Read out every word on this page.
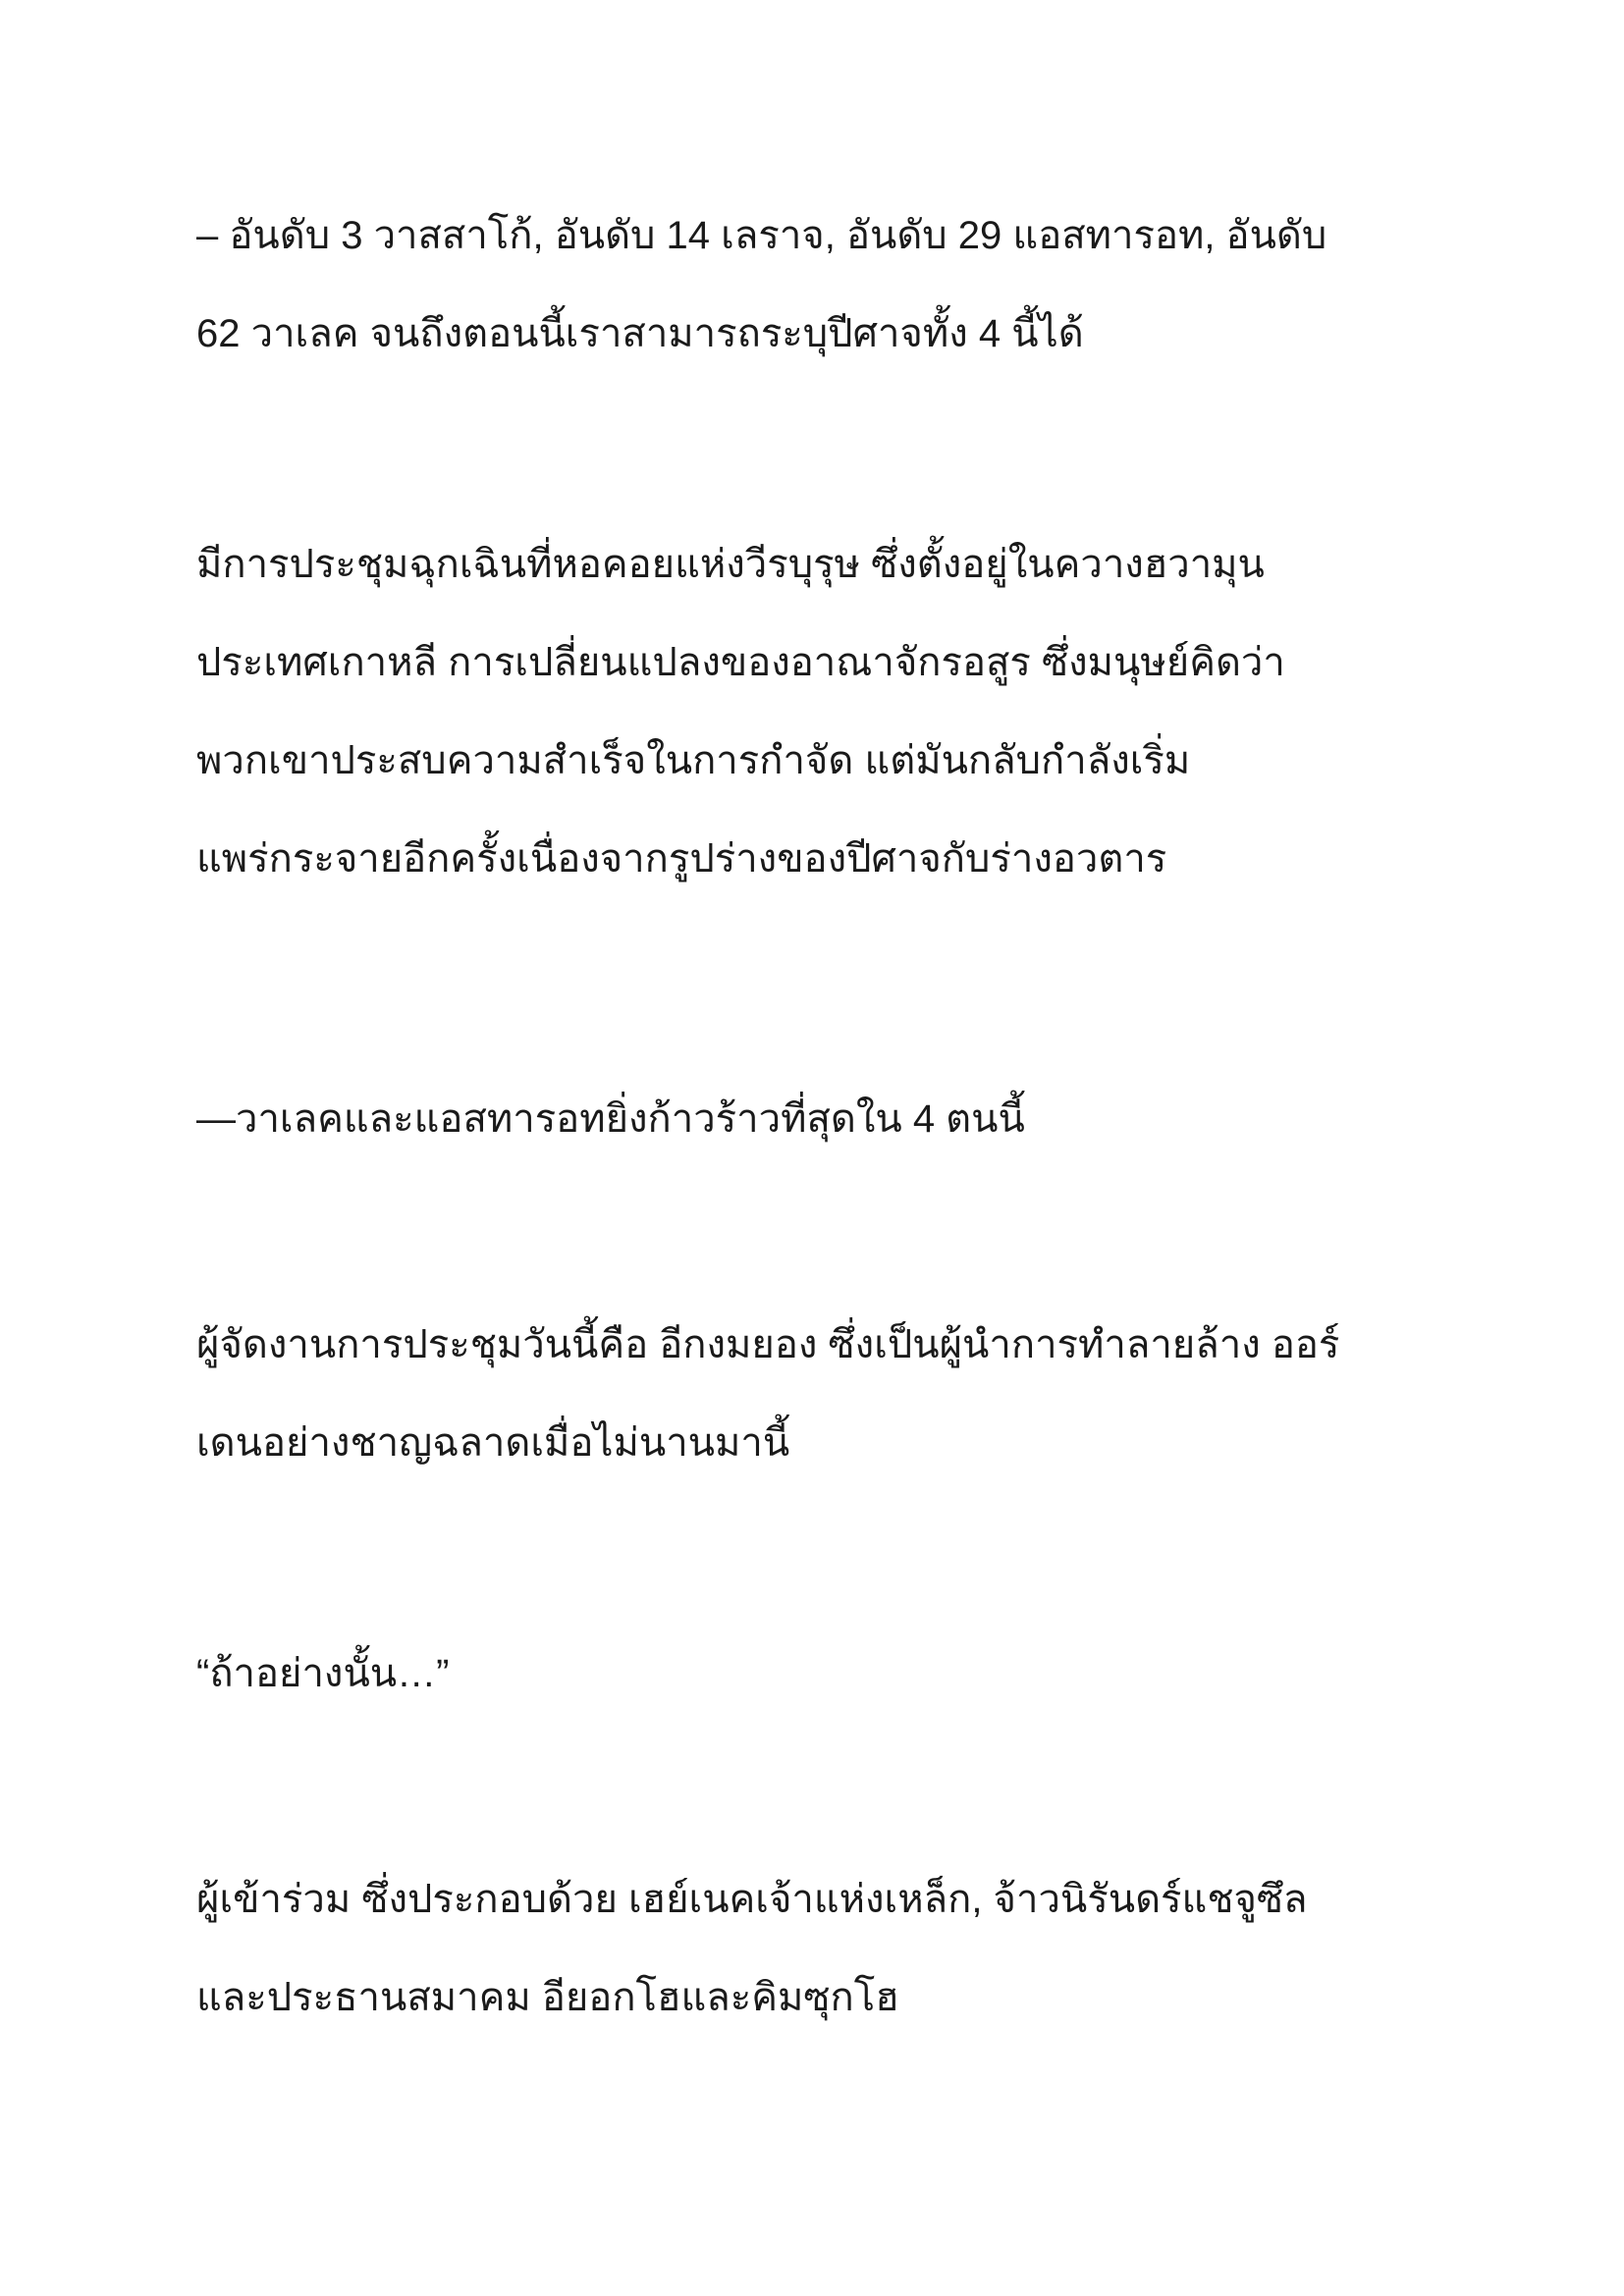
– อันดับ 3 วาสสาโก้, อันดับ 14 เลราจ, อันดับ 29 แอสทารอท, อันดับ
62 วาเลค จนถึงตอนนี้เราสามารถระบุปีศาจทั้ง 4 นี้ได้

มีการประชุมฉุกเฉินที่หอคอยแห่งวีรบุรุษ ซึ่งตั้งอยู่ในควางฮวามุน
ประเทศเกาหลี การเปลี่ยนแปลงของอาณาจักรอสูร ซึ่งมนุษย์คิดว่า
พวกเขาประสบความสำเร็จในการกำจัด แต่มันกลับกำลังเริ่ม
แพร่กระจายอีกครั้งเนื่องจากรูปร่างของปีศาจกับร่างอวตาร

—วาเลคและแอสทารอทยิ่งก้าวร้าวที่สุดใน 4 ตนนี้

ผู้จัดงานการประชุมวันนี้คือ อีกงมยอง ซึ่งเป็นผู้นำการทำลายล้าง ออร์
เดนอย่างชาญฉลาดเมื่อไม่นานมานี้

“ถ้าอย่างนั้น…”

ผู้เข้าร่วม ซึ่งประกอบด้วย เฮย์เนคเจ้าแห่งเหล็ก, จ้าวนิรันดร์แชจูซึล
และประธานสมาคม อียอกโฮและคิมซุกโฮ
